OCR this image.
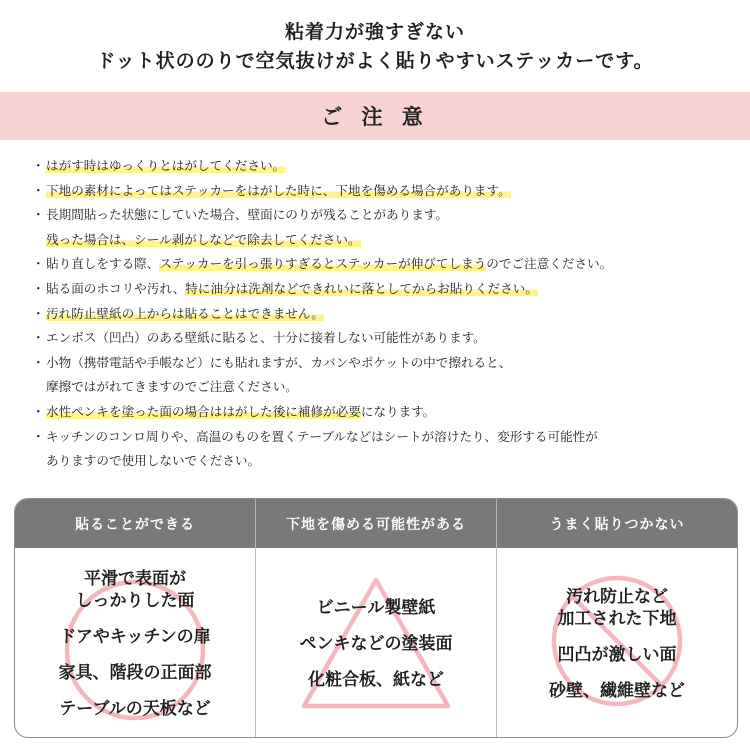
粘着力が強すぎない
ドット状ののりで空気抜けがよく貼りやすいステッカーです。
ご 注 意
・ はがす時はゆっくりとはがしてください。
・ 下地の素材によってはステッカーをはがした時に、下地を傷める場合があります。
・ 長期間貼った状態にしていた場合、壁面にのりが残ることがあります。
残った場合は、シール剥がしなどで除去してください。
・ 貼り直しをする際、ステッカーを引っ張りすぎるとステッカーが伸びてしまうのでご注意ください。
・ 貼る面のホコリや汚れ、特に油分は洗剤などできれいに落としてからお貼りください。
・ 汚れ防止壁紙の上からは貼ることはできません。
・ エンボス（凹凸）のある壁紙に貼ると、十分に接着しない可能性があります。
・ 小物（携帯電話や手帳など）にも貼れますが、カバンやポケットの中で擦れると、
摩擦ではがれてきますのでご注意ください。
・ 水性ペンキを塗った面の場合ははがした後に補修が必要になります。
・ キッチンのコンロ周りや、高温のものを置くテーブルなどはシートが溶けたり、変形する可能性が
ありますので使用しないでください。
貼ることができる
平滑で表面が
しっかりした面
ドアやキッチンの扉
家具、階段の正面部
テーブルの天板など
下地を傷める可能性がある
ビニール製壁紙
ペンキなどの塗装面
化粧合板、紙など
うまく貼りつかない
汚れ防止など
加工された下地
凹凸が激しい面
砂壁、繊維壁など
